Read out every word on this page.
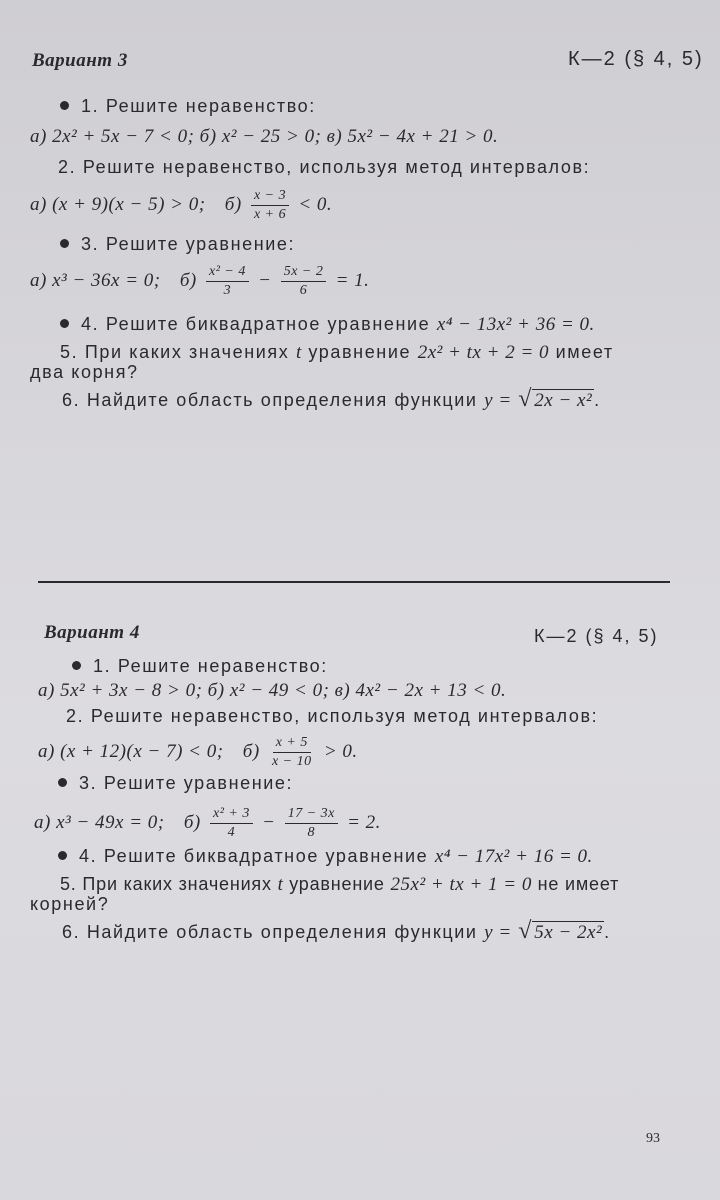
Вариант 3	К—2 (§ 4, 5)
1. Решите неравенство:
а) 2x² + 5x − 7 < 0; б) x² − 25 > 0; в) 5x² − 4x + 21 > 0.
2. Решите неравенство, используя метод интервалов:
а) (x + 9)(x − 5) > 0; $б) \frac{x - 3}{x + 6} < 0$.
3. Решите уравнение:
а) x³ − 36x = 0; $б) \frac{\text{x² − 4}}{3} - \frac{5x - 2}{6} = 1$.
4. Решите биквадратное уравнение x⁴ − 13x² + 36 = 0.
5. При каких значениях t уравнение 2x² + tx + 2 = 0 имеет
два корня?
6. Найдите область определения функции y = √ 2x − x² .
Вариант 4	К—2 (§ 4, 5)
1. Решите неравенство:
а) 5x² + 3x − 8 > 0; б) x² − 49 < 0; в) 4x² − 2x + 13 < 0.
2. Решите неравенство, используя метод интервалов:
а) (x + 12)(x − 7) < 0; $б) \frac{x + 5}{x - 10} > 0$.
3. Решите уравнение:
а) x³ − 49x = 0; $б) \frac{\text{x² + 3}}{4} - \frac{17 - 3x}{8} = 2$.
4. Решите биквадратное уравнение x⁴ − 17x² + 16 = 0.
5. При каких значениях t уравнение 25x² + tx + 1 = 0 не имеет
корней?
6. Найдите область определения функции y = √ 5x − 2x² .
93
